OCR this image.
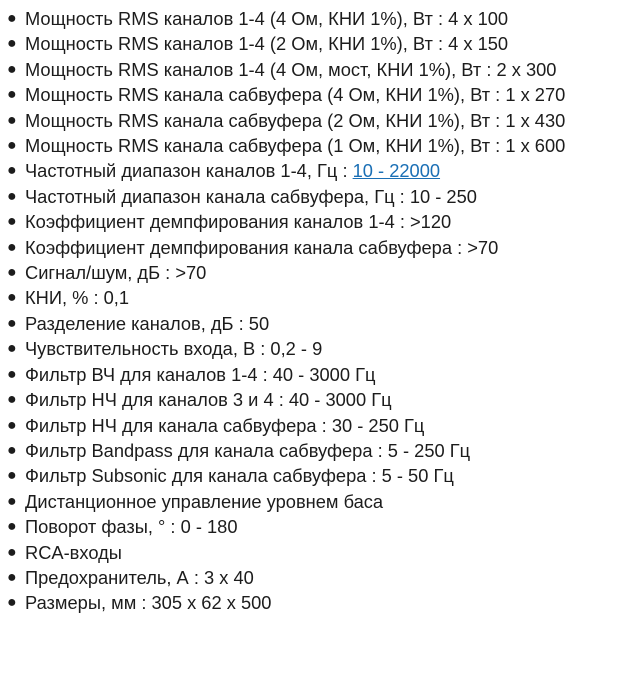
● Мощность RMS каналов 1-4 (4 Ом, КНИ 1%), Вт : 4 x 100
● Мощность RMS каналов 1-4 (2 Ом, КНИ 1%), Вт : 4 x 150
● Мощность RMS каналов 1-4 (4 Ом, мост, КНИ 1%), Вт : 2 x 300
● Мощность RMS канала сабвуфера (4 Ом, КНИ 1%), Вт : 1 x 270
● Мощность RMS канала сабвуфера (2 Ом, КНИ 1%), Вт : 1 x 430
● Мощность RMS канала сабвуфера (1 Ом, КНИ 1%), Вт : 1 x 600
● Частотный диапазон каналов 1-4, Гц : 10 - 22000
● Частотный диапазон канала сабвуфера, Гц : 10 - 250
● Коэффициент демпфирования каналов 1-4 : >120
● Коэффициент демпфирования канала сабвуфера : >70
● Сигнал/шум, дБ : >70
● КНИ, % : 0,1
● Разделение каналов, дБ : 50
● Чувствительность входа, В : 0,2 - 9
● Фильтр ВЧ для каналов 1-4 : 40 - 3000 Гц
● Фильтр НЧ для каналов 3 и 4 : 40 - 3000 Гц
● Фильтр НЧ для канала сабвуфера : 30 - 250 Гц
● Фильтр Bandpass для канала сабвуфера : 5 - 250 Гц
● Фильтр Subsonic для канала сабвуфера : 5 - 50 Гц
● Дистанционное управление уровнем баса
● Поворот фазы, ° : 0 - 180
● RCA-входы
● Предохранитель, А : 3 x 40
● Размеры, мм : 305 x 62 x 500
